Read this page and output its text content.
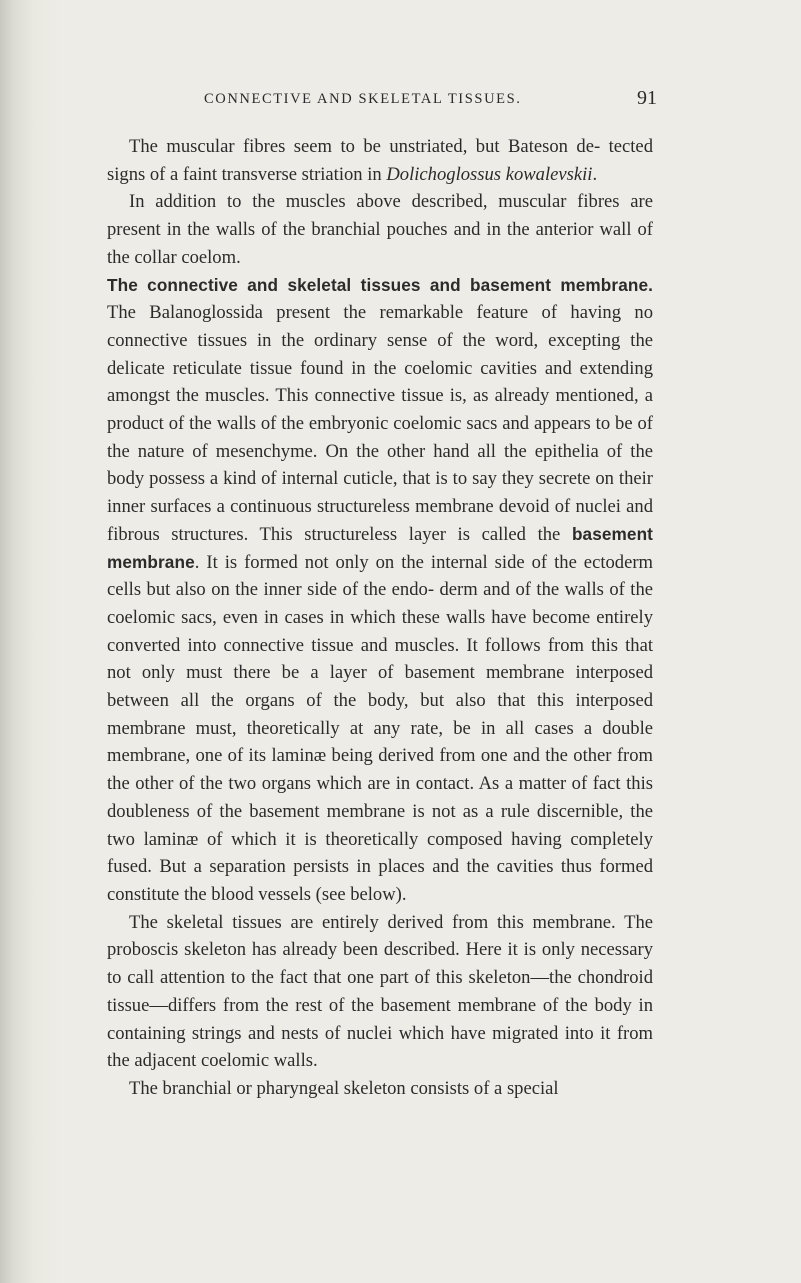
CONNECTIVE AND SKELETAL TISSUES.	91

The muscular fibres seem to be unstriated, but Bateson de- tected signs of a faint transverse striation in Dolichoglossus kowalevskii.

In addition to the muscles above described, muscular fibres are present in the walls of the branchial pouches and in the anterior wall of the collar coelom.

The connective and skeletal tissues and basement membrane. The Balanoglossida present the remarkable feature of having no connective tissues in the ordinary sense of the word, excepting the delicate reticulate tissue found in the coelomic cavities and extending amongst the muscles. This connective tissue is, as already mentioned, a product of the walls of the embryonic coelomic sacs and appears to be of the nature of mesenchyme. On the other hand all the epithelia of the body possess a kind of internal cuticle, that is to say they secrete on their inner surfaces a continuous structureless membrane devoid of nuclei and fibrous structures. This structureless layer is called the basement membrane. It is formed not only on the internal side of the ectoderm cells but also on the inner side of the endo- derm and of the walls of the coelomic sacs, even in cases in which these walls have become entirely converted into connective tissue and muscles. It follows from this that not only must there be a layer of basement membrane interposed between all the organs of the body, but also that this interposed membrane must, theoretically at any rate, be in all cases a double membrane, one of its laminæ being derived from one and the other from the other of the two organs which are in contact. As a matter of fact this doubleness of the basement membrane is not as a rule discernible, the two laminæ of which it is theoretically composed having completely fused. But a separation persists in places and the cavities thus formed constitute the blood vessels (see below).

The skeletal tissues are entirely derived from this membrane. The proboscis skeleton has already been described. Here it is only necessary to call attention to the fact that one part of this skeleton—the chondroid tissue—differs from the rest of the basement membrane of the body in containing strings and nests of nuclei which have migrated into it from the adjacent coelomic walls.

The branchial or pharyngeal skeleton consists of a special
